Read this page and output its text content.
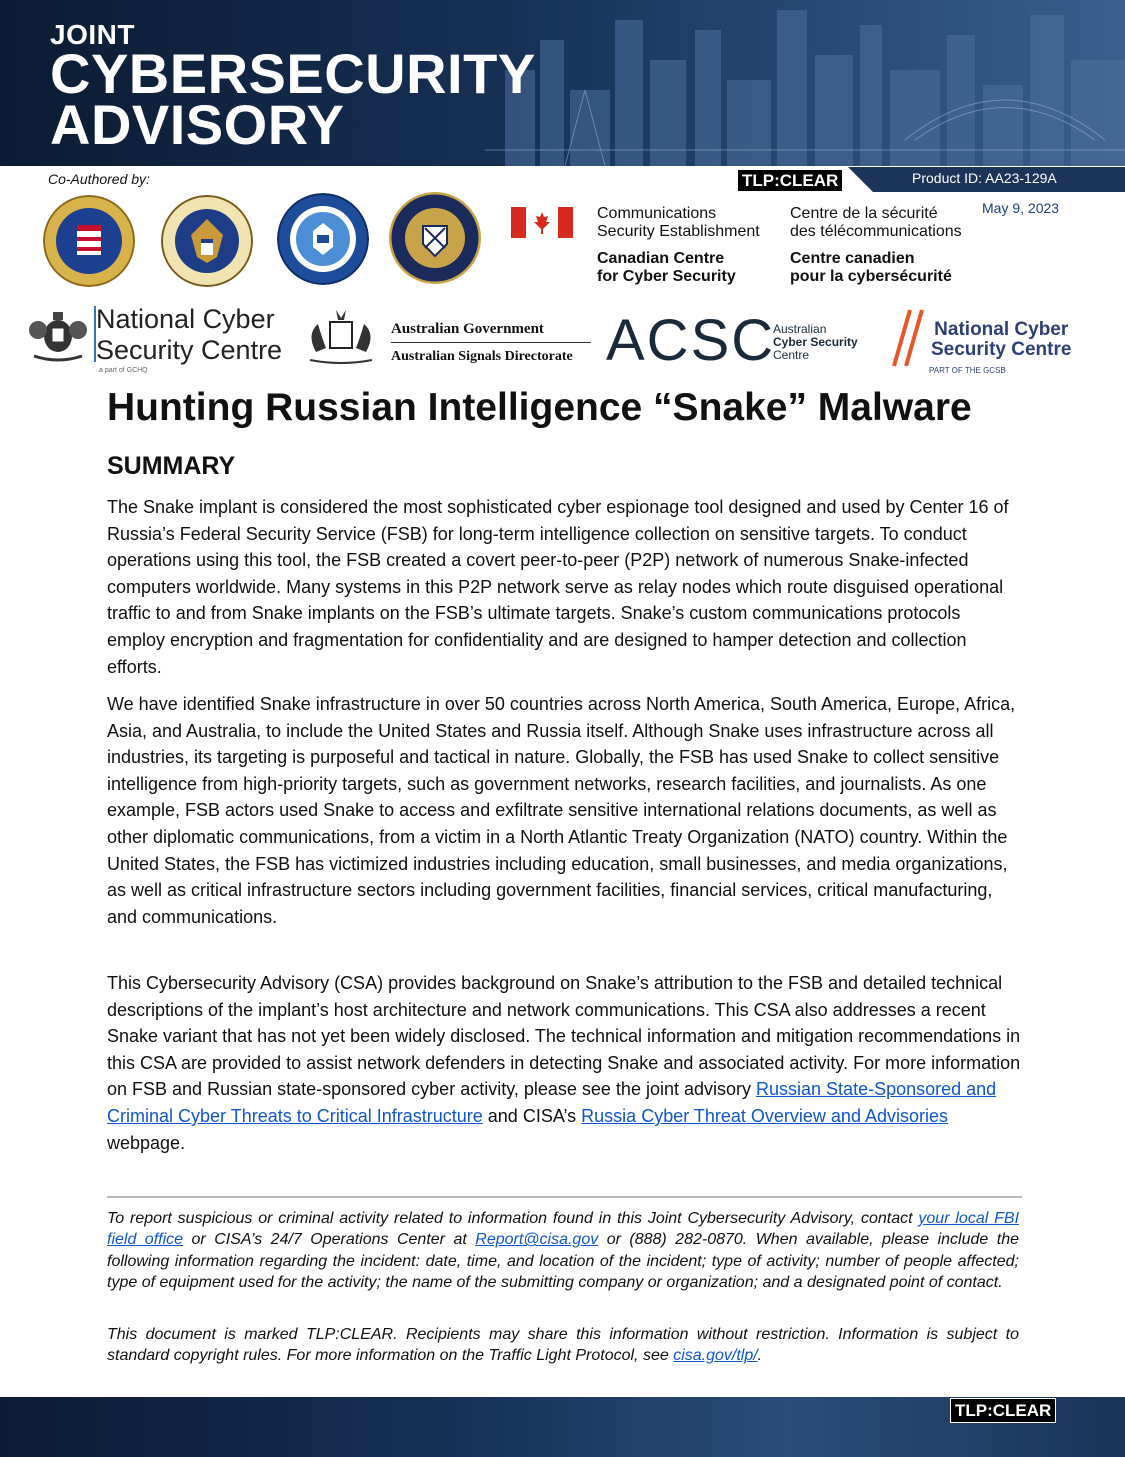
JOINT
CYBERSECURITY
ADVISORY
Co-Authored by:	TLP:CLEAR	Product ID: AA23-129A
May 9, 2023
Communications
Security Establishment
Centre de la sécurité
des télécommunications
Canadian Centre
for Cyber Security
Centre canadien
pour la cybersécurité
National Cyber
Security Centre
a part of GCHQ
Australian Government
Australian Signals Directorate ACSC
Australian
Cyber Security
Centre
National Cyber
Security Centre
PART OF THE GCSB
Hunting Russian Intelligence “Snake” Malware
SUMMARY

The Snake implant is considered the most sophisticated cyber espionage tool designed and used by Center 16 of Russia’s Federal Security Service (FSB) for long-term intelligence collection on sensitive targets. To conduct operations using this tool, the FSB created a covert peer-to-peer (P2P) network of numerous Snake-infected computers worldwide. Many systems in this P2P network serve as relay nodes which route disguised operational traffic to and from Snake implants on the FSB’s ultimate targets. Snake’s custom communications protocols employ encryption and fragmentation for confidentiality and are designed to hamper detection and collection efforts.

We have identified Snake infrastructure in over 50 countries across North America, South America, Europe, Africa, Asia, and Australia, to include the United States and Russia itself. Although Snake uses infrastructure across all industries, its targeting is purposeful and tactical in nature. Globally, the FSB has used Snake to collect sensitive intelligence from high-priority targets, such as government networks, research facilities, and journalists. As one example, FSB actors used Snake to access and exfiltrate sensitive international relations documents, as well as other diplomatic communications, from a victim in a North Atlantic Treaty Organization (NATO) country. Within the United States, the FSB has victimized industries including education, small businesses, and media organizations, as well as critical infrastructure sectors including government facilities, financial services, critical manufacturing, and communications.

This Cybersecurity Advisory (CSA) provides background on Snake’s attribution to the FSB and detailed technical descriptions of the implant’s host architecture and network communications. This CSA also addresses a recent Snake variant that has not yet been widely disclosed. The technical information and mitigation recommendations in this CSA are provided to assist network defenders in detecting Snake and associated activity. For more information on FSB and Russian state-sponsored cyber activity, please see the joint advisory Russian State-Sponsored and Criminal Cyber Threats to Critical Infrastructure and CISA’s Russia Cyber Threat Overview and Advisories webpage.

To report suspicious or criminal activity related to information found in this Joint Cybersecurity Advisory, contact your local FBI field office or CISA’s 24/7 Operations Center at Report@cisa.gov or (888) 282-0870. When available, please include the following information regarding the incident: date, time, and location of the incident; type of activity; number of people affected; type of equipment used for the activity; the name of the submitting company or organization; and a designated point of contact.

This document is marked TLP:CLEAR. Recipients may share this information without restriction. Information is subject to standard copyright rules. For more information on the Traffic Light Protocol, see cisa.gov/tlp/.

TLP:CLEAR
